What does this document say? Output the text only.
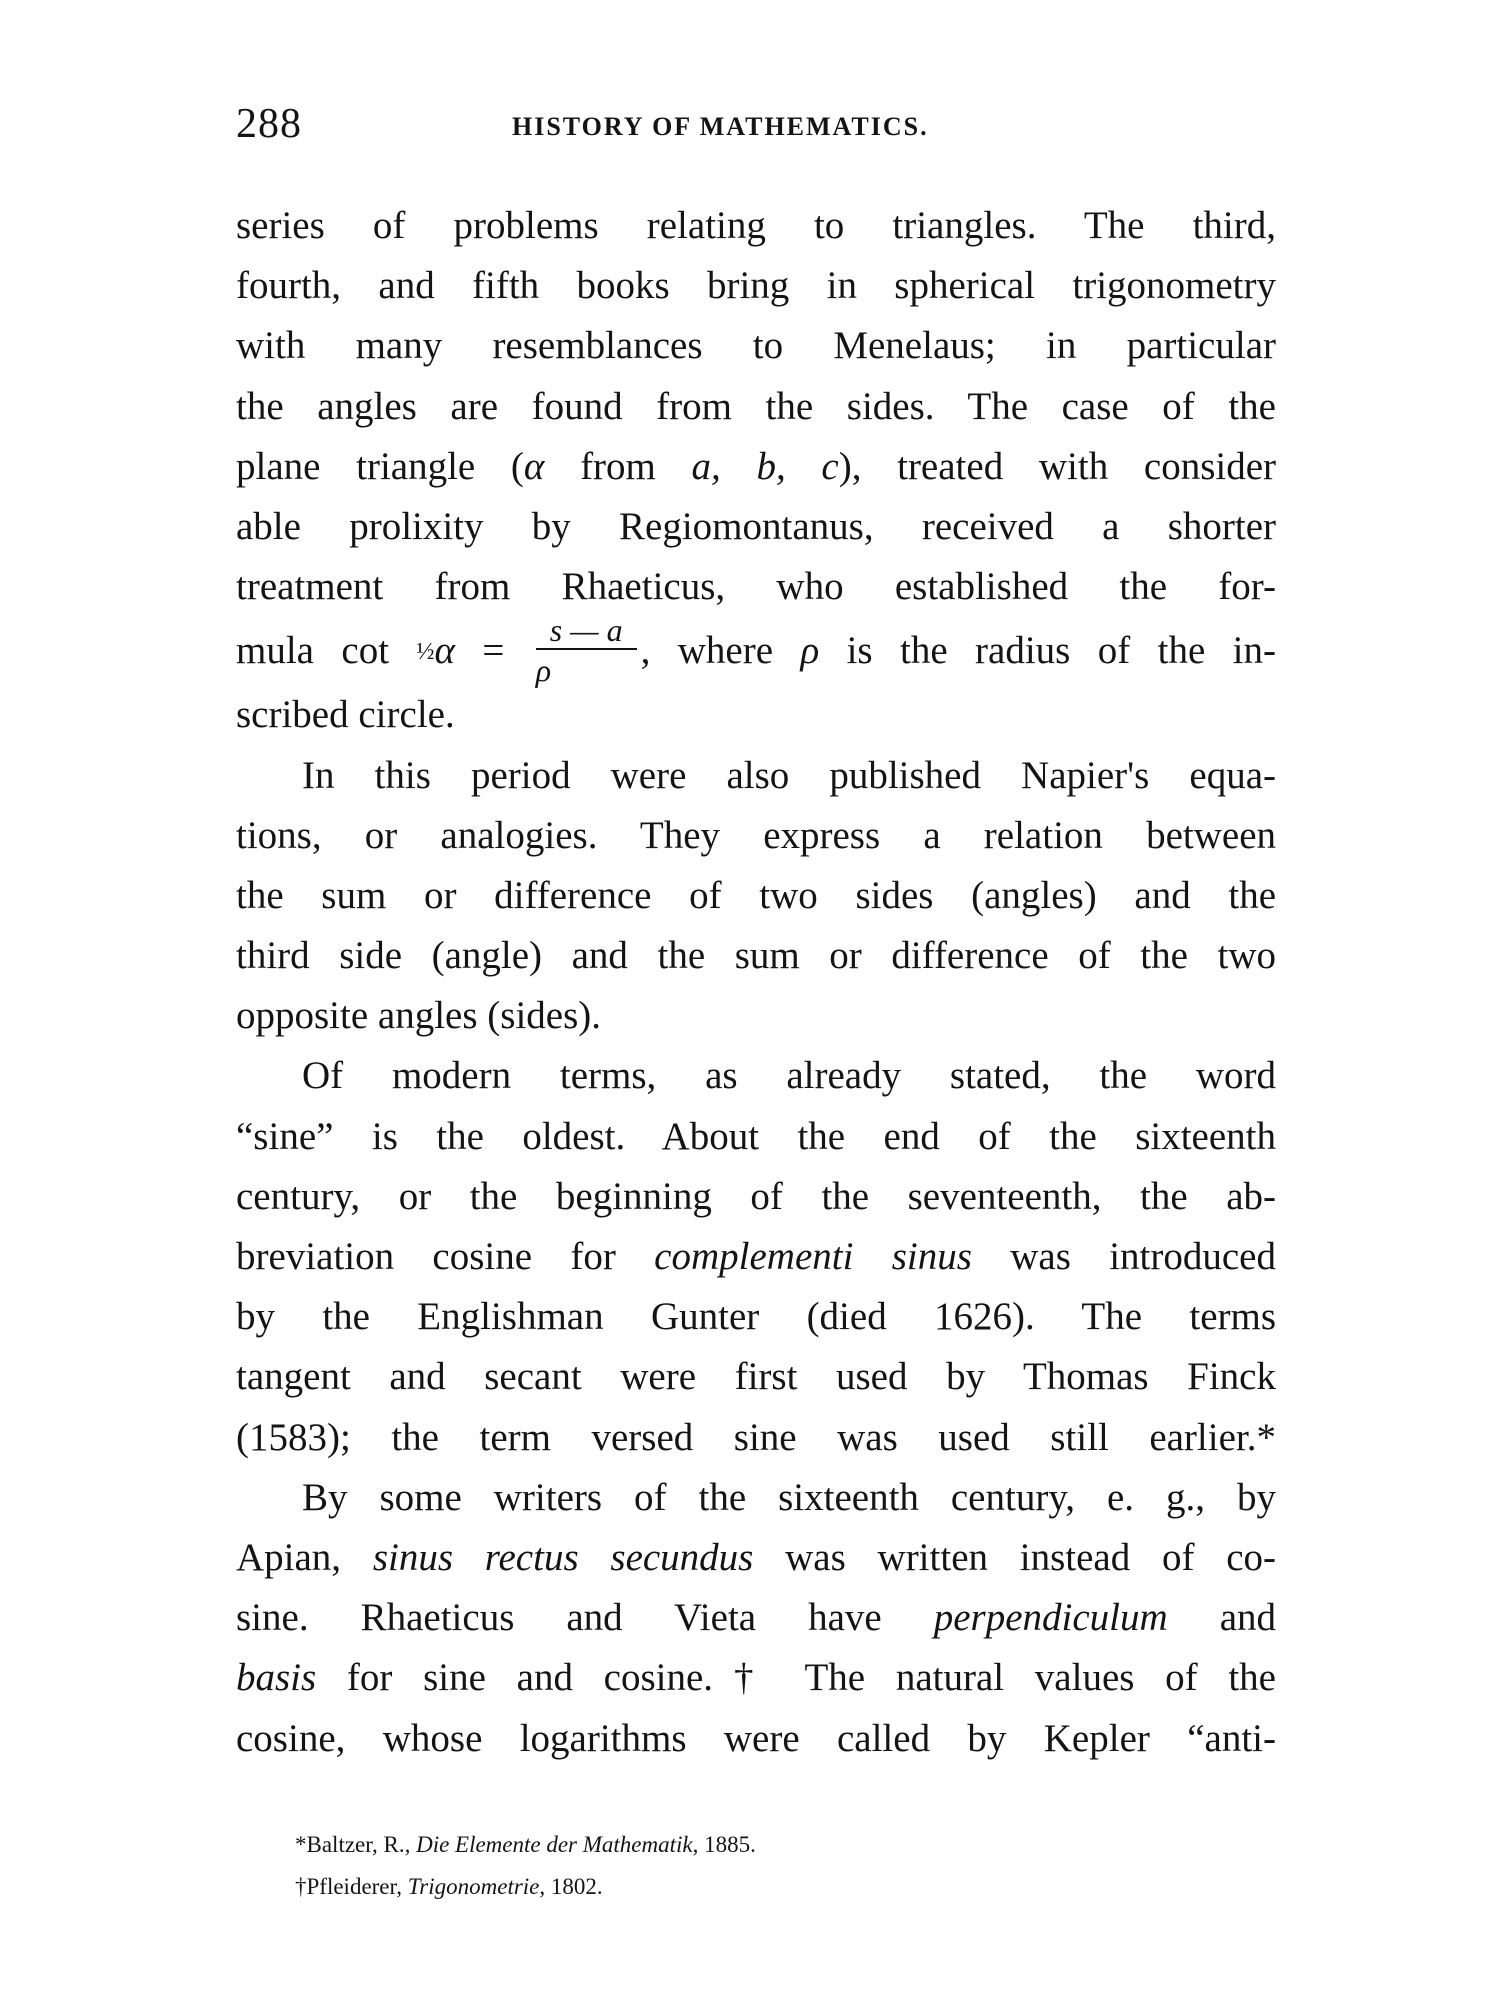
288	HISTORY OF MATHEMATICS.
series of problems relating to triangles. The third,
fourth, and fifth books bring in spherical trigonometry
with many resemblances to Menelaus; in particular
the angles are found from the sides. The case of the
plane triangle (α from a, b, c), treated with consider
able prolixity by Regiomontanus, received a shorter
treatment from Rhaeticus, who established the for-
mula cot ½α = $\frac{s — a}{\rho}$ , where ρ is the radius of the in-
scribed circle.
In this period were also published Napier's equa-
tions, or analogies. They express a relation between
the sum or difference of two sides (angles) and the
third side (angle) and the sum or difference of the two
opposite angles (sides).
Of modern terms, as already stated, the word
“sine” is the oldest. About the end of the sixteenth
century, or the beginning of the seventeenth, the ab-
breviation cosine for complementi sinus was introduced
by the Englishman Gunter (died 1626). The terms
tangent and secant were first used by Thomas Finck
(1583); the term versed sine was used still earlier.*
By some writers of the sixteenth century, e. g., by
Apian, sinus rectus secundus was written instead of co-
sine. Rhaeticus and Vieta have perpendiculum and
basis for sine and cosine.† The natural values of the
cosine, whose logarithms were called by Kepler “anti-
*Baltzer, R., Die Elemente der Mathematik, 1885.
†Pfleiderer, Trigonometrie, 1802.
